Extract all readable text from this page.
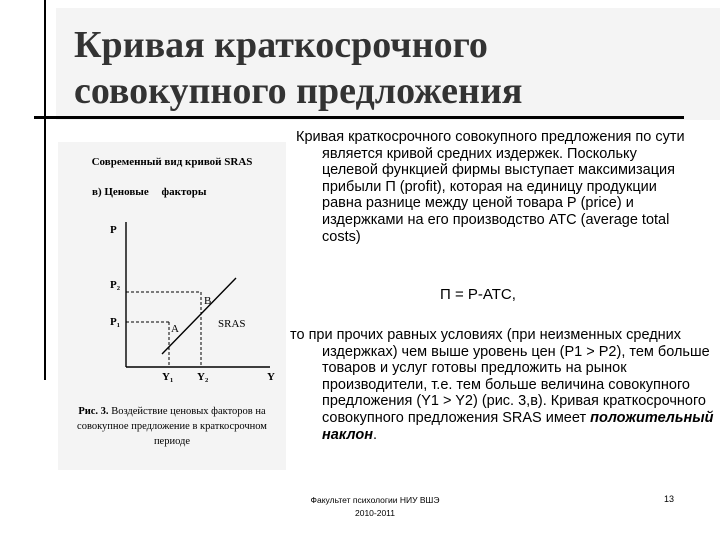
Кривая краткосрочного
совокупного предложения
Современный вид кривой SRAS
в) Ценовые факторы
P
Y
SRAS
P₂
P₁
B
A
Y₁ Y₂
Рис. 3. Воздействие ценовых факторов на совокупное предложение в краткосрочном периоде

Кривая краткосрочного совокупного предложения по сути является кривой средних издержек. Поскольку целевой функцией фирмы выступает максимизация прибыли П (profit), которая на единицу продукции равна разнице между ценой товара Р (price) и издержками на его производство АТС (average total costs)

П = Р-АТС,

то при прочих равных условиях (при неизменных средних издержках) чем выше уровень цен (Р1 > Р2), тем больше товаров и услуг готовы предложить на рынок производители, т.е. тем больше величина совокупного предложения (Y1 > Y2) (рис. 3,в). Кривая краткосрочного совокупного предложения SRAS имеет положительный наклон.

Факультет психологии НИУ ВШЭ
2010-2011
13
